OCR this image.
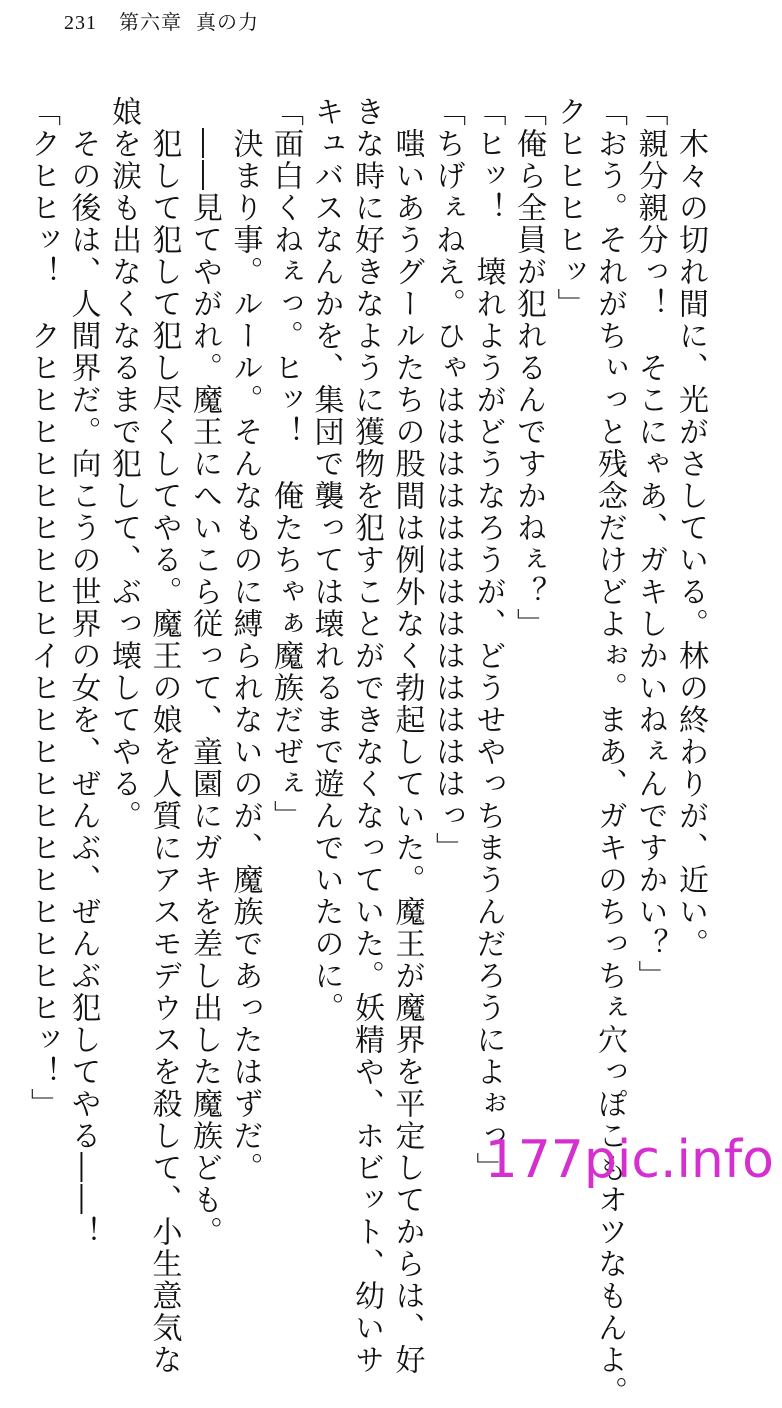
231 第六章 真の力
　木々の切れ間に、光がさしている。林の終わりが、近い。
「親分親分っ！　そこにゃあ、ガキしかいねぇんですかい？」
「おう。それがちぃっと残念だけどよぉ。まあ、ガキのちっちぇ穴っぽこもオツなもんよ。
クヒヒヒヒッ」
「俺ら全員が犯れるんですかねぇ？」
「ヒッ！　壊れようがどうなろうが、どうせやっちまうんだろうによぉっ」
「ちげぇねえ。ひゃはははははははははははははっ」
　嗤いあうグールたちの股間は例外なく勃起していた。魔王が魔界を平定してからは、好
きな時に好きなように獲物を犯すことができなくなっていた。妖精や、ホビット、幼いサ
キュバスなんかを、集団で襲っては壊れるまで遊んでいたのに。
「面白くねぇっ。ヒッ！　俺たちゃぁ魔族だぜぇ」
　決まり事。ルール。そんなものに縛られないのが、魔族であったはずだ。
　――見てやがれ。魔王にへいこら従って、童園にガキを差し出した魔族ども。
　犯して犯して犯し尽くしてやる。魔王の娘を人質にアスモデウスを殺して、小生意気な
娘を涙も出なくなるまで犯して、ぶっ壊してやる。
　その後は、人間界だ。向こうの世界の女を、ぜんぶ、ぜんぶ犯してやる――！
「クヒヒッ！　クヒヒヒヒヒヒヒヒヒイヒヒヒヒヒヒヒヒヒヒヒッ！」
177pic.info
